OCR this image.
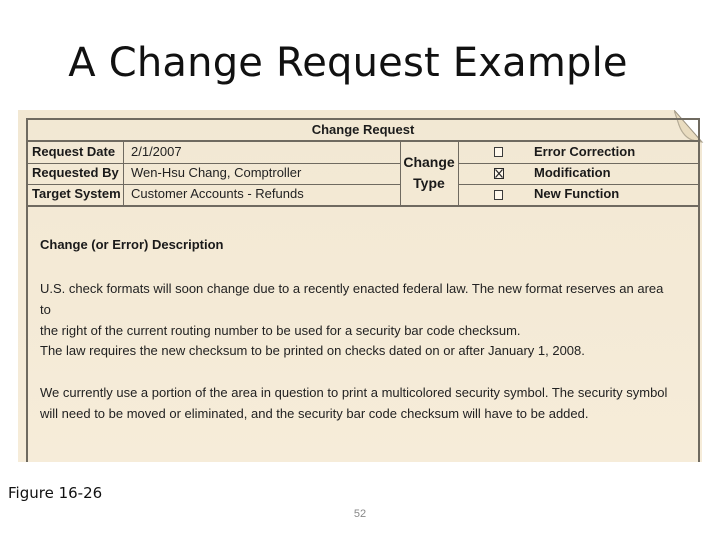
A Change Request Example
Change Request
Request Date 2/1/2007
Requested By Wen-Hsu Chang, Comptroller
Target System Customer Accounts - Refunds
Change
Type
Error Correction
Modification
New Function
Change (or Error) Description

U.S. check formats will soon change due to a recently enacted federal law. The new format reserves an area to
the right of the current routing number to be used for a security bar code checksum.

The law requires the new checksum to be printed on checks dated on or after January 1, 2008.

We currently use a portion of the area in question to print a multicolored security symbol. The security symbol
will need to be moved or eliminated, and the security bar code checksum will have to be added.

Figure 16-26
52
